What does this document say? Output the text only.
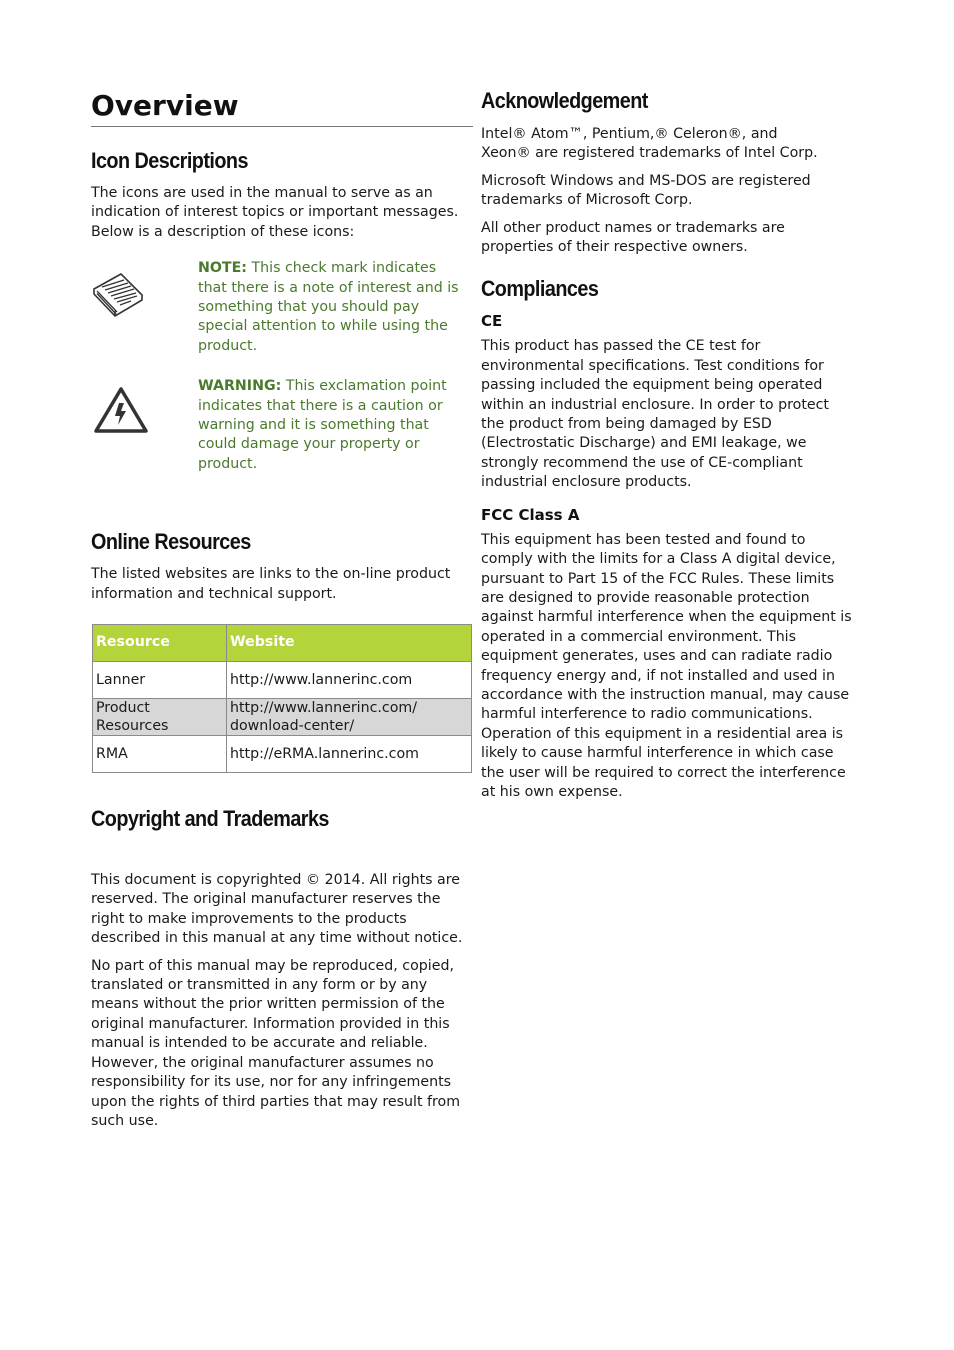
Overview
Icon Descriptions

The icons are used in the manual to serve as an indication of interest topics or important messages. Below is a description of these icons:

NOTE: This check mark indicates that there is a note of interest and is something that you should pay special attention to while using the product.

WARNING: This exclamation point indicates that there is a caution or warning and it is something that could damage your property or product.

Online Resources

The listed websites are links to the on-line product information and technical support.

Resource	Website
Lanner	http://www.lannerinc.com
Product Resources	http://www.lannerinc.com/ download-center/
RMA	http://eRMA.lannerinc.com
Copyright and Trademarks

This document is copyrighted © 2014. All rights are reserved. The original manufacturer reserves the right to make improvements to the products described in this manual at any time without notice.

No part of this manual may be reproduced, copied, translated or transmitted in any form or by any means without the prior written permission of the original manufacturer. Information provided in this manual is intended to be accurate and reliable. However, the original manufacturer assumes no responsibility for its use, nor for any infringements upon the rights of third parties that may result from such use.

Acknowledgement

Intel® Atom™, Pentium,® Celeron®, and Xeon® are registered trademarks of Intel Corp.

Microsoft Windows and MS-DOS are registered trademarks of Microsoft Corp.

All other product names or trademarks are properties of their respective owners.

Compliances
CE

This product has passed the CE test for environmental specifications. Test conditions for passing included the equipment being operated within an industrial enclosure. In order to protect the product from being damaged by ESD (Electrostatic Discharge) and EMI leakage, we strongly recommend the use of CE-compliant industrial enclosure products.

FCC Class A

This equipment has been tested and found to comply with the limits for a Class A digital device, pursuant to Part 15 of the FCC Rules. These limits are designed to provide reasonable protection against harmful interference when the equipment is operated in a commercial environment. This equipment generates, uses and can radiate radio frequency energy and, if not installed and used in accordance with the instruction manual, may cause harmful interference to radio communications. Operation of this equipment in a residential area is likely to cause harmful interference in which case the user will be required to correct the interference at his own expense.
